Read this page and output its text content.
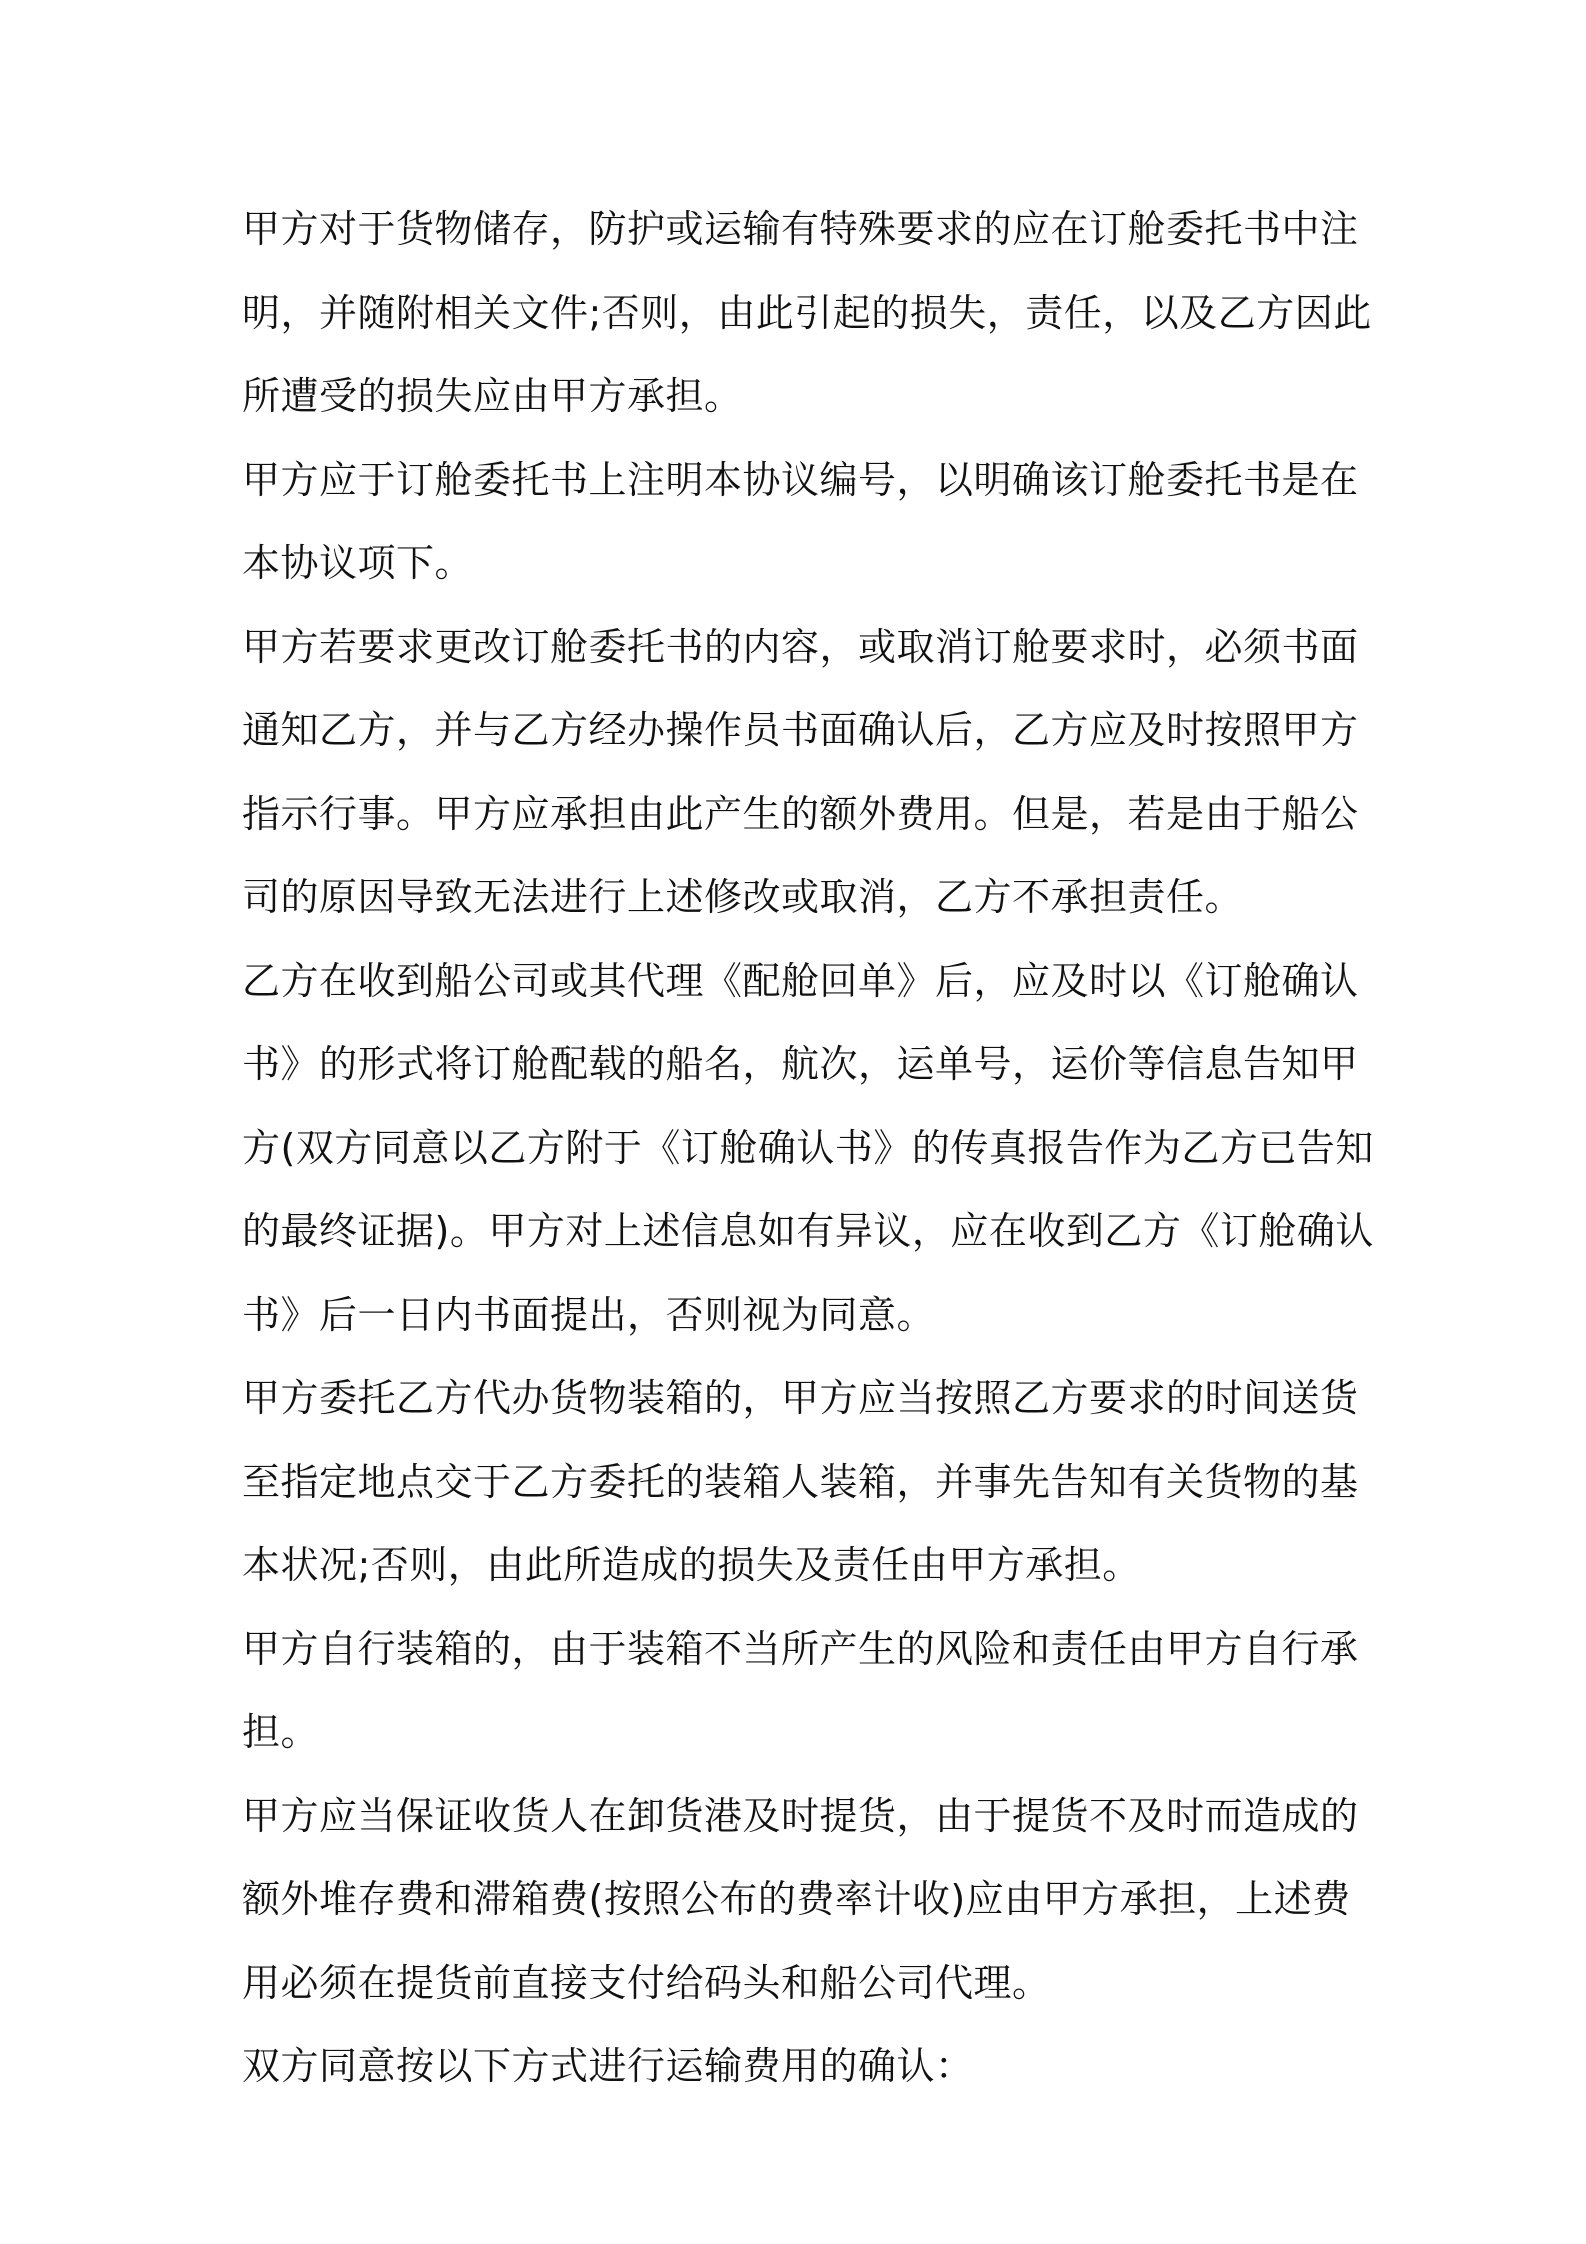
甲方对于货物储存，防护或运输有特殊要求的应在订舱委托书中注明，并随附相关文件;否则，由此引起的损失，责任，以及乙方因此所遭受的损失应由甲方承担。

甲方应于订舱委托书上注明本协议编号，以明确该订舱委托书是在本协议项下。

甲方若要求更改订舱委托书的内容，或取消订舱要求时，必须书面通知乙方，并与乙方经办操作员书面确认后，乙方应及时按照甲方指示行事。甲方应承担由此产生的额外费用。但是，若是由于船公司的原因导致无法进行上述修改或取消，乙方不承担责任。

乙方在收到船公司或其代理《配舱回单》后，应及时以《订舱确认书》的形式将订舱配载的船名，航次，运单号，运价等信息告知甲方(双方同意以乙方附于《订舱确认书》的传真报告作为乙方已告知的最终证据)。甲方对上述信息如有异议，应在收到乙方《订舱确认书》后一日内书面提出，否则视为同意。

甲方委托乙方代办货物装箱的，甲方应当按照乙方要求的时间送货至指定地点交于乙方委托的装箱人装箱，并事先告知有关货物的基本状况;否则，由此所造成的损失及责任由甲方承担。

甲方自行装箱的，由于装箱不当所产生的风险和责任由甲方自行承担。

甲方应当保证收货人在卸货港及时提货，由于提货不及时而造成的额外堆存费和滞箱费(按照公布的费率计收)应由甲方承担，上述费用必须在提货前直接支付给码头和船公司代理。

双方同意按以下方式进行运输费用的确认：
